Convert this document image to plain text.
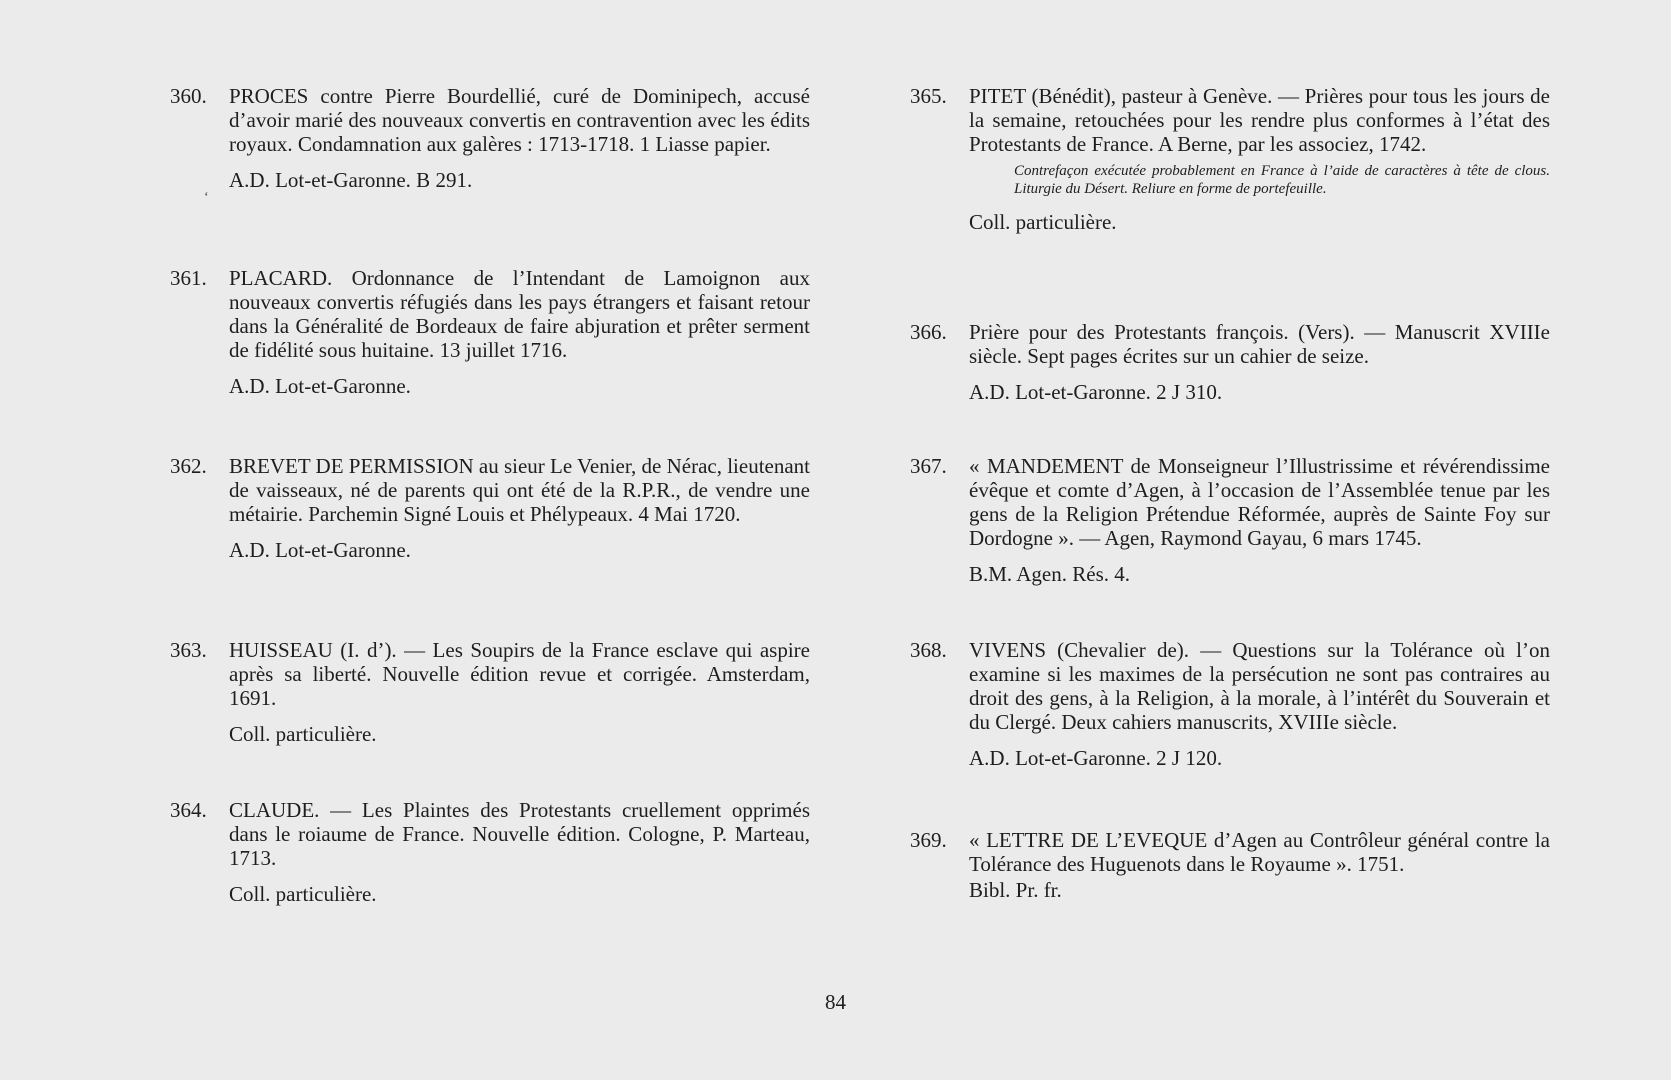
360. PROCES contre Pierre Bourdellié, curé de Dominipech, accusé d’avoir marié des nouveaux convertis en contravention avec les édits royaux. Condamnation aux galères : 1713-1718. 1 Liasse papier.

A.D. Lot-et-Garonne. B 291.

361. PLACARD. Ordonnance de l’Intendant de Lamoignon aux nouveaux convertis réfugiés dans les pays étrangers et faisant retour dans la Généralité de Bordeaux de faire abjuration et prêter serment de fidélité sous huitaine. 13 juillet 1716.

A.D. Lot-et-Garonne.

362. BREVET DE PERMISSION au sieur Le Venier, de Nérac, lieutenant de vaisseaux, né de parents qui ont été de la R.P.R., de vendre une métairie. Parchemin Signé Louis et Phélypeaux. 4 Mai 1720.

A.D. Lot-et-Garonne.

363. HUISSEAU (I. d’). — Les Soupirs de la France esclave qui aspire après sa liberté. Nouvelle édition revue et corrigée. Amsterdam, 1691.

Coll. particulière.

364. CLAUDE. — Les Plaintes des Protestants cruellement opprimés dans le roiaume de France. Nouvelle édition. Cologne, P. Marteau, 1713.

Coll. particulière.

365. PITET (Bénédit), pasteur à Genève. — Prières pour tous les jours de la semaine, retouchées pour les rendre plus conformes à l’état des Protestants de France. A Berne, par les associez, 1742.

Contrefaçon exécutée probablement en France à l’aide de caractères à tête de clous. Liturgie du Désert. Reliure en forme de portefeuille.

Coll. particulière.

366. Prière pour des Protestants françois. (Vers). — Manuscrit XVIIIe siècle. Sept pages écrites sur un cahier de seize.

A.D. Lot-et-Garonne. 2 J 310.

367. « MANDEMENT de Monseigneur l’Illustrissime et révérendissime évêque et comte d’Agen, à l’occasion de l’Assemblée tenue par les gens de la Religion Prétendue Réformée, auprès de Sainte Foy sur Dordogne ». — Agen, Raymond Gayau, 6 mars 1745.

B.M. Agen. Rés. 4.

368. VIVENS (Chevalier de). — Questions sur la Tolérance où l’on examine si les maximes de la persécution ne sont pas contraires au droit des gens, à la Religion, à la morale, à l’intérêt du Souverain et du Clergé. Deux cahiers manuscrits, XVIIIe siècle.

A.D. Lot-et-Garonne. 2 J 120.

369. « LETTRE DE L’EVEQUE d’Agen au Contrôleur général contre la Tolérance des Huguenots dans le Royaume ». 1751.

Bibl. Pr. fr.

‘
84
